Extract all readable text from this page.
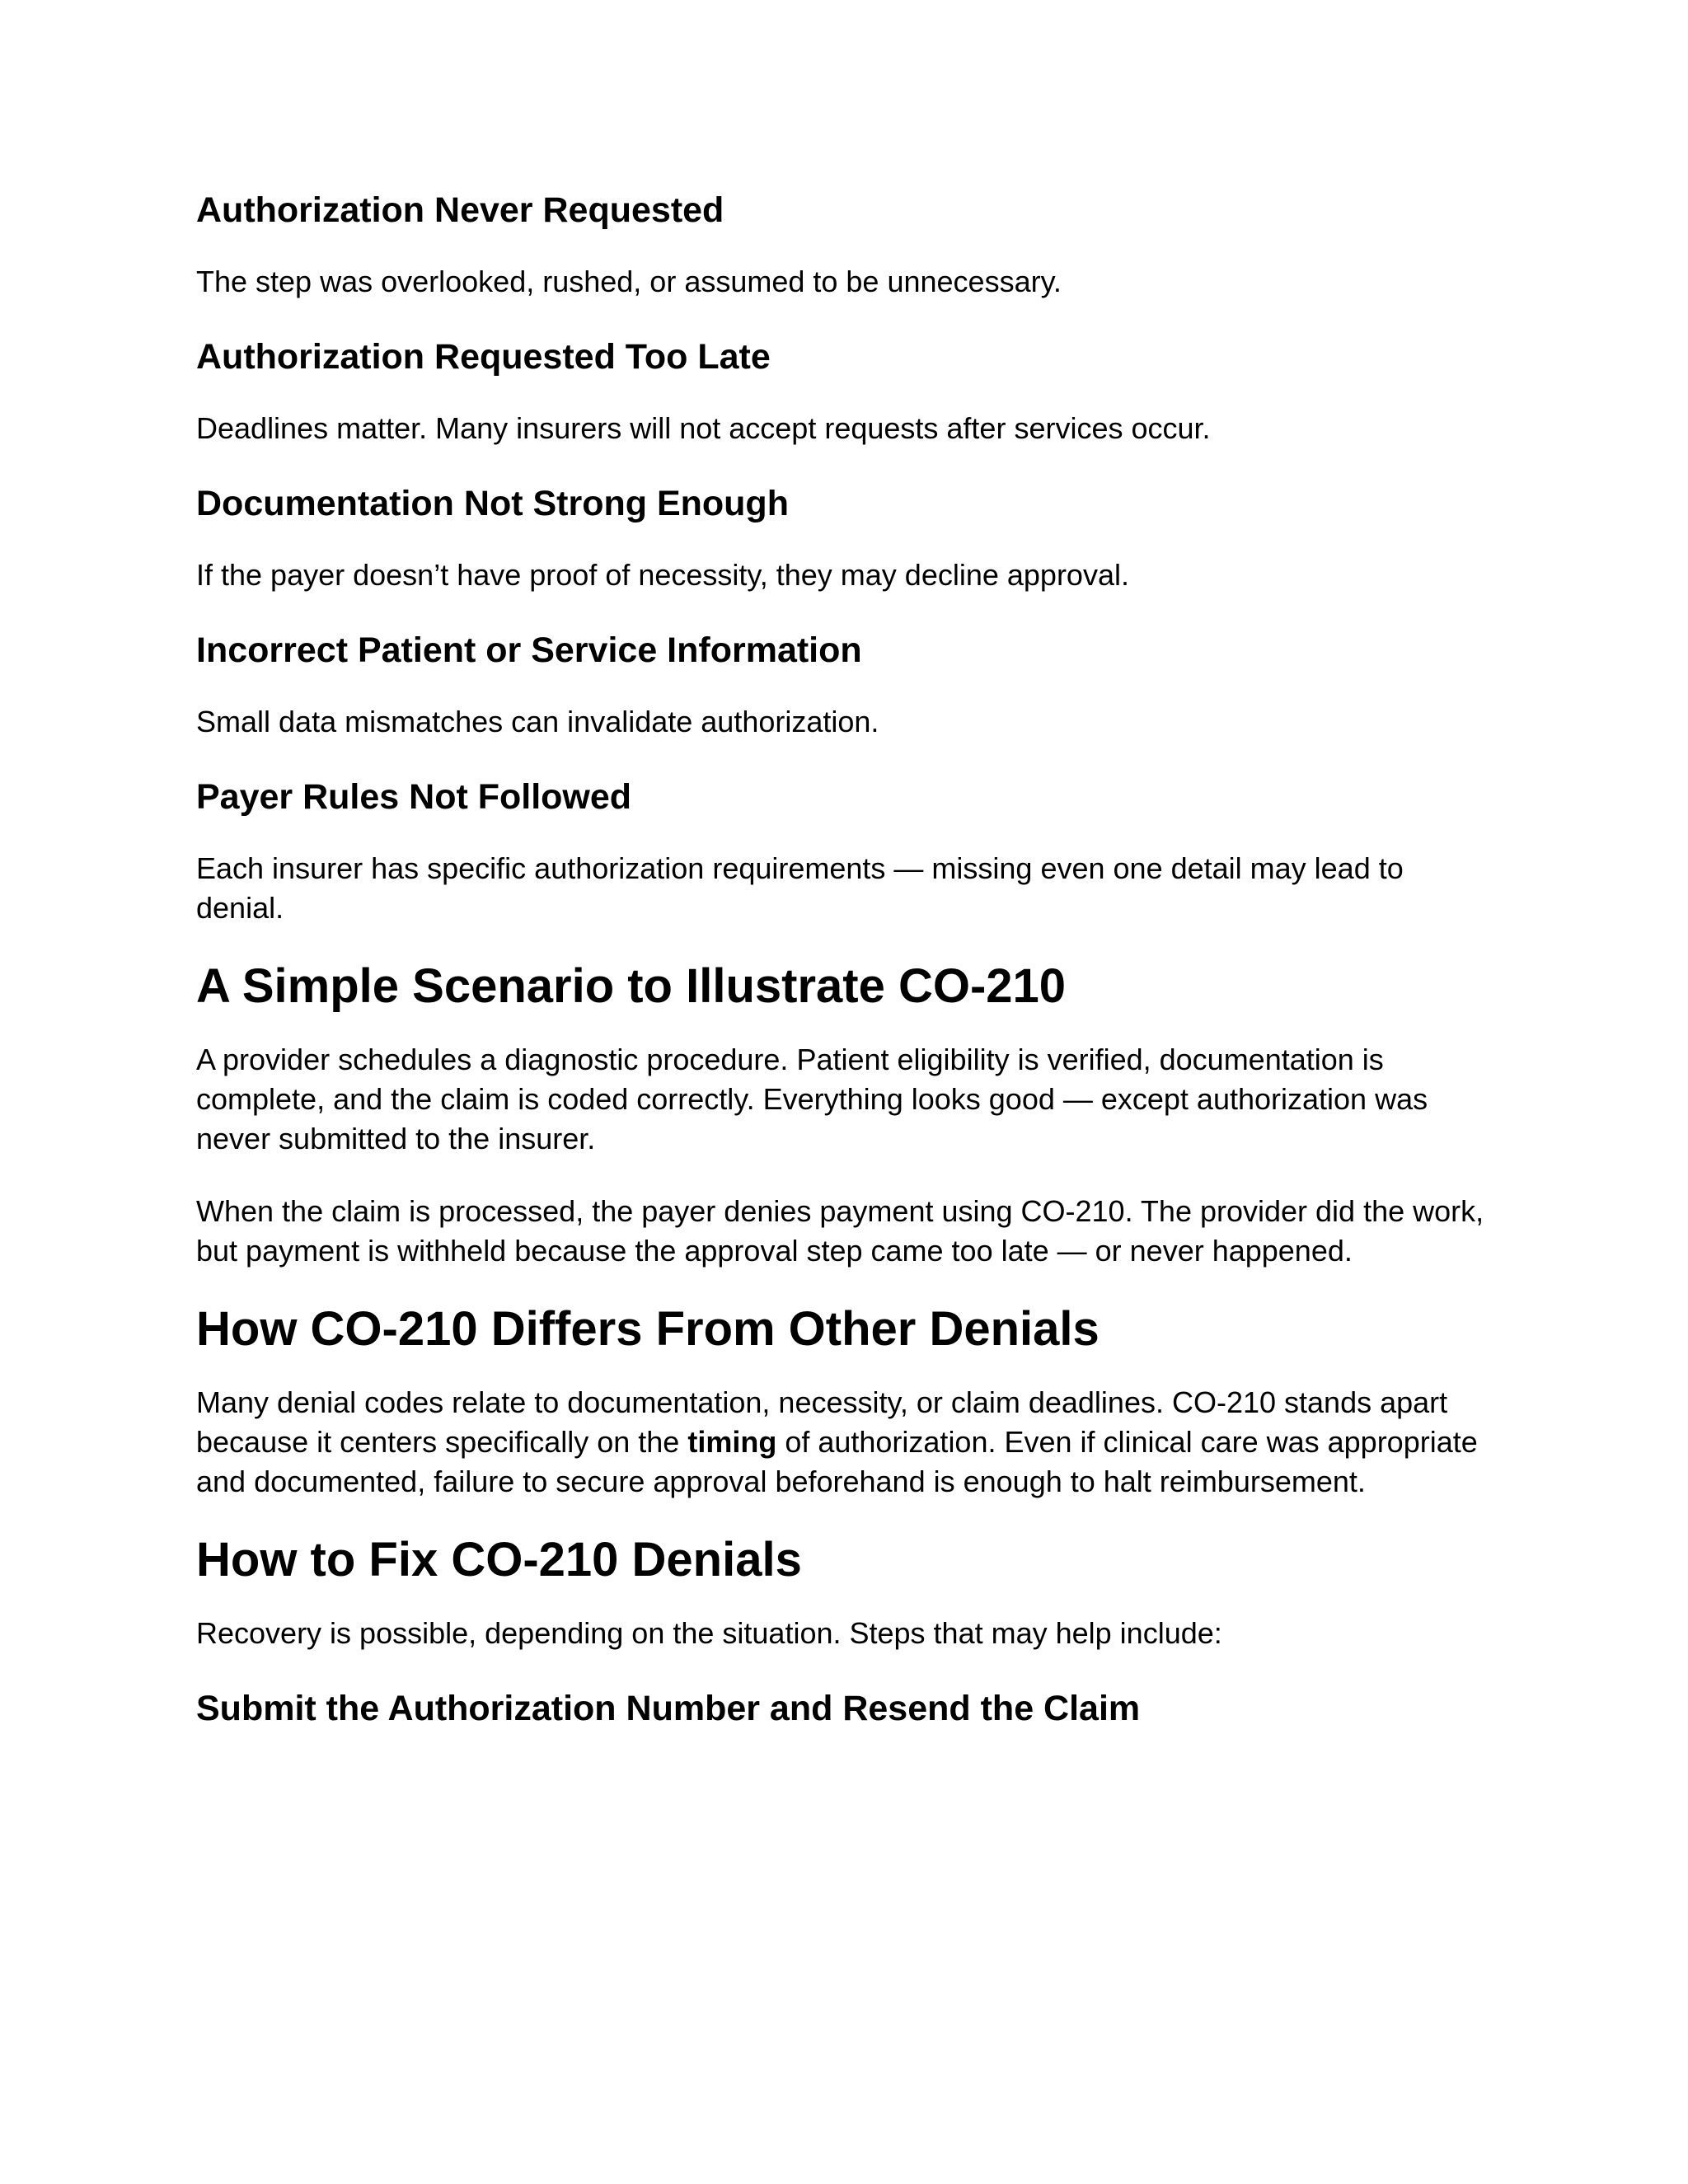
Authorization Never Requested

The step was overlooked, rushed, or assumed to be unnecessary.

Authorization Requested Too Late

Deadlines matter. Many insurers will not accept requests after services occur.

Documentation Not Strong Enough

If the payer doesn’t have proof of necessity, they may decline approval.

Incorrect Patient or Service Information

Small data mismatches can invalidate authorization.

Payer Rules Not Followed

Each insurer has specific authorization requirements — missing even one detail may lead to denial.

A Simple Scenario to Illustrate CO-210

A provider schedules a diagnostic procedure. Patient eligibility is verified, documentation is complete, and the claim is coded correctly. Everything looks good — except authorization was never submitted to the insurer.

When the claim is processed, the payer denies payment using CO-210. The provider did the work, but payment is withheld because the approval step came too late — or never happened.

How CO-210 Differs From Other Denials

Many denial codes relate to documentation, necessity, or claim deadlines. CO-210 stands apart because it centers specifically on the timing of authorization. Even if clinical care was appropriate and documented, failure to secure approval beforehand is enough to halt reimbursement.

How to Fix CO-210 Denials

Recovery is possible, depending on the situation. Steps that may help include:

Submit the Authorization Number and Resend the Claim
